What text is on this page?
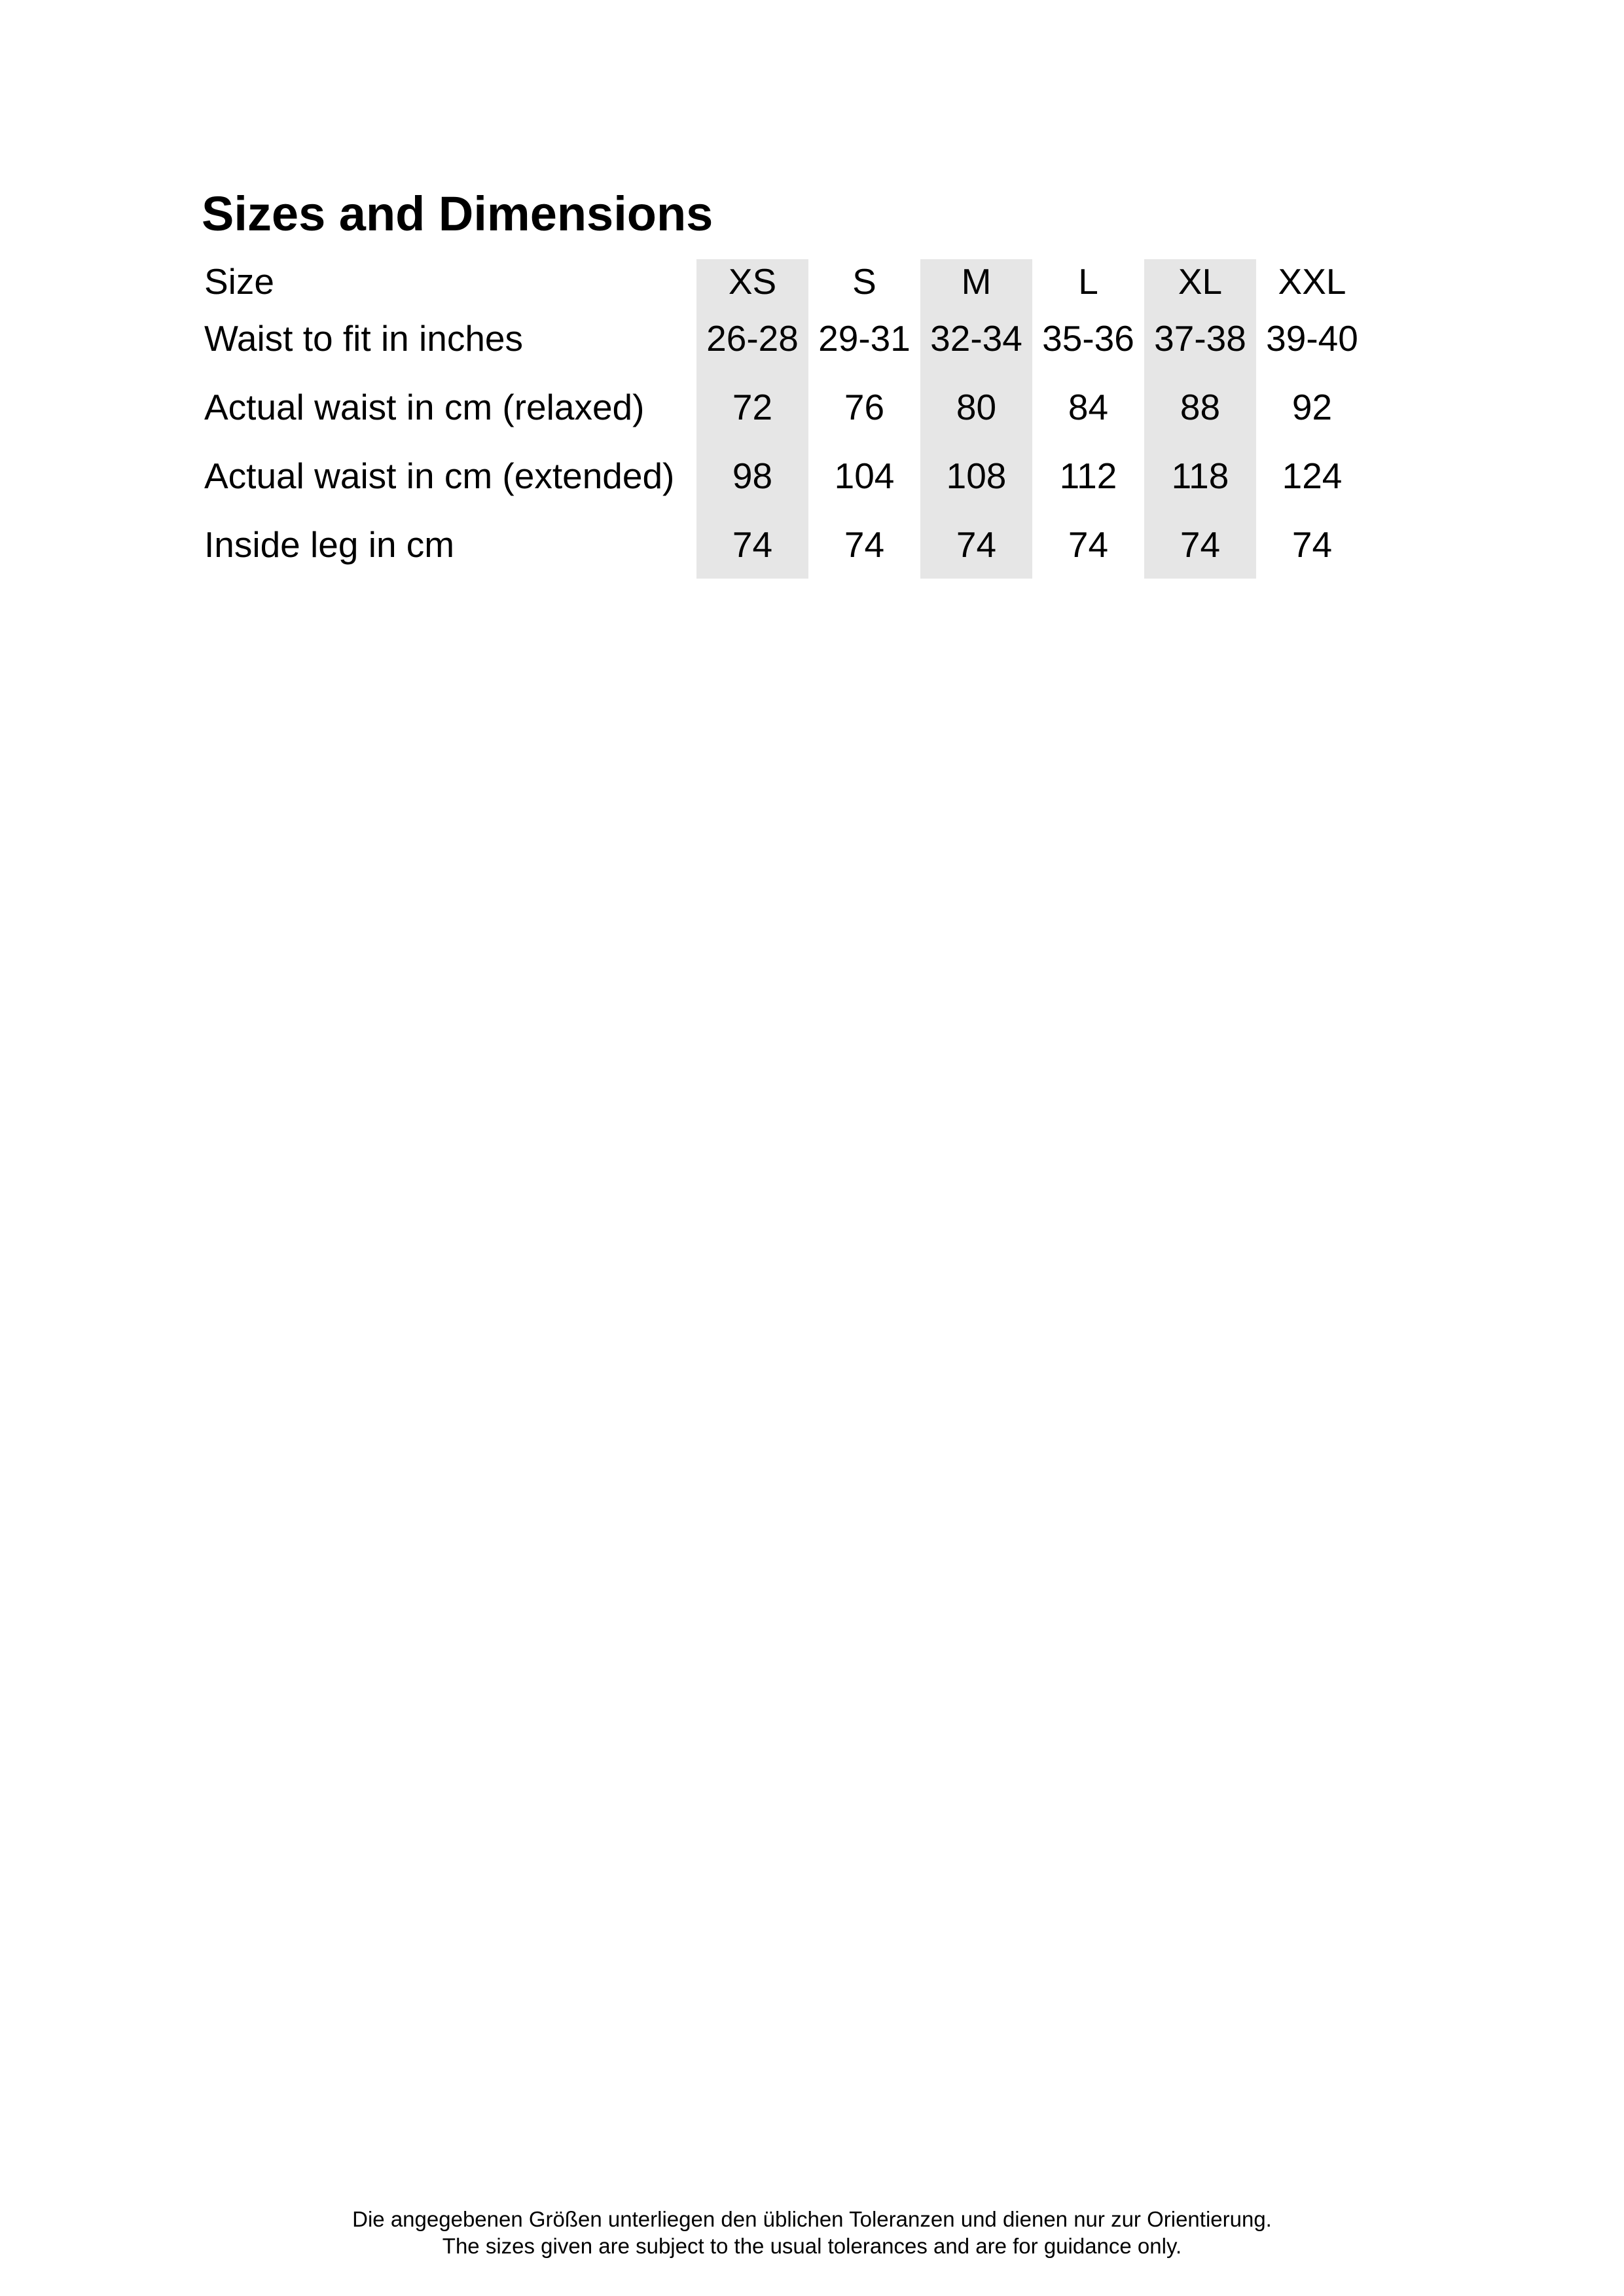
Sizes and Dimensions
Size	XS	S	M	L	XL	XXL
Waist to fit in inches	26-28	29-31	32-34	35-36	37-38	39-40
Actual waist in cm (relaxed)	72	76	80	84	88	92
Actual waist in cm (extended)	98	104	108	112	118	124
Inside leg in cm	74	74	74	74	74	74
Die angegebenen Größen unterliegen den üblichen Toleranzen und dienen nur zur Orientierung.
The sizes given are subject to the usual tolerances and are for guidance only.
